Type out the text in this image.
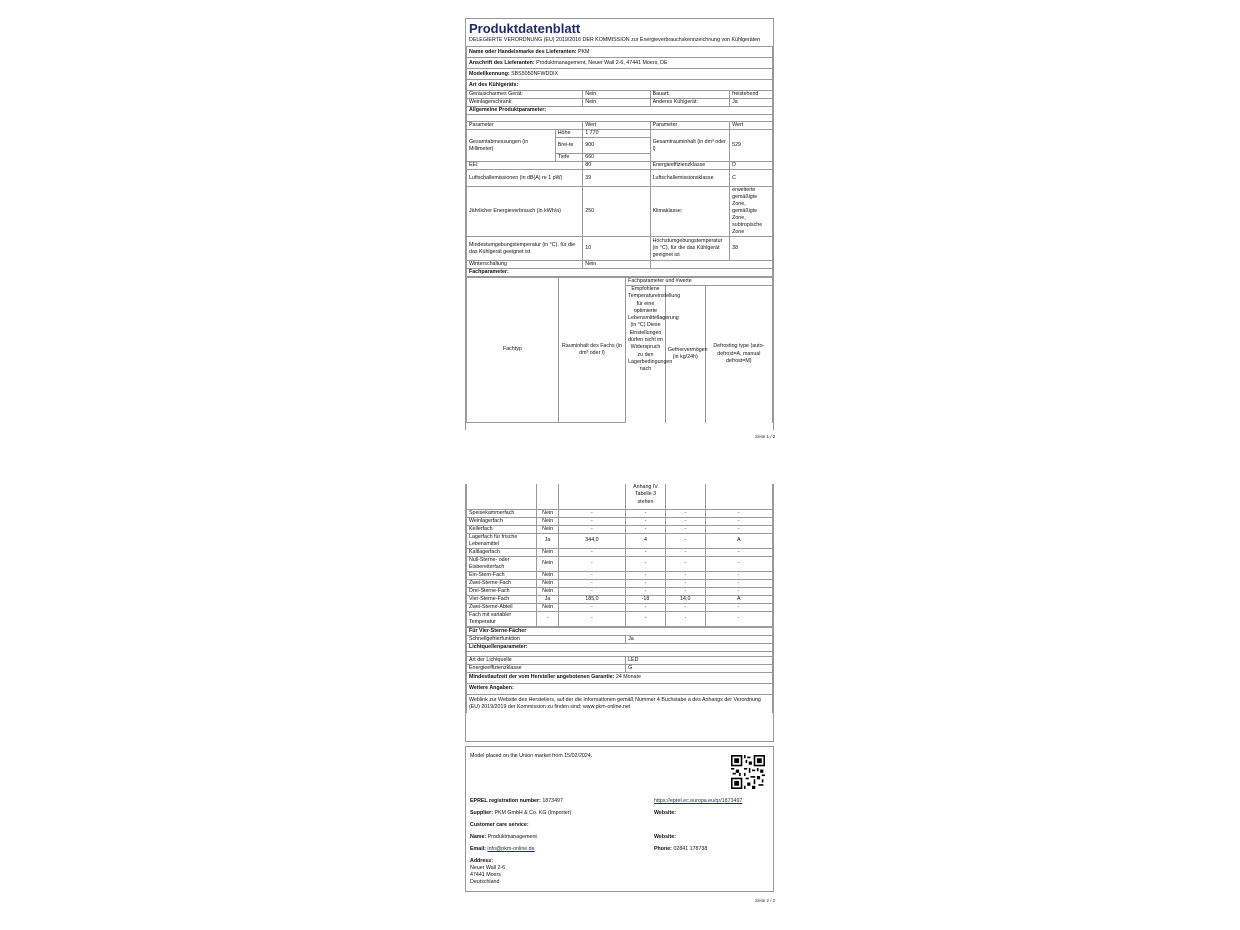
Produktdatenblatt
DELEGIERTE VERORDNUNG (EU) 2019/2016 DER KOMMISSION zur Energieverbrauchskennzeichnung von Kühlgeräten
Name oder Handelsmarke des Lieferanten: PKM				
Anschrift des Lieferanten: Produktmanagement, Neuer Wall 2-6, 47441 Moers, DE				
Modellkennung: SBS5050NFWDDIX				
Art des Kühlgeräts:				
Geräuscharmes Gerät:		Nein	Bauart:	freistehend
Weinlagerschrank:		Nein	Anderes Kühlgerät:	Ja
Allgemeine Produktparameter:				

Parameter		Wert	Parameter	Wert
Gesamtabmessungen (in Millimeter)	Höhe	1 770	Gesamtrauminhalt (in dm³ oder l)	529
	Brei-te	900		
	Tiefe	660		
EEI		80	Energieeffizienzklasse	D
Luftschallemissionen (in dB(A) re 1 pW)		39	Luftschallemissionsklasse	C
Jährlicher Energieverbrauch (in kWh/a)		250	Klimaklasse:	erweiterte gemäßigte Zone, gemäßigte Zone, subtropische Zone
Mindestumgebungstemperatur (in °C), für die das Kühlgerät geeignet ist		10	Höchstumgebungstemperatur (in °C), für die das Kühlgerät geeignet ist	38
Winterschaltung		Nein		
Fachparameter:				
Fachtyp	Rauminhalt des Fachs (in dm³ oder l)	Fachparameter und #werte		
		Empfohlene Temperatureinstellung für eine optimierte Lebensmittellagerung (in °C) Diese Einstellungen dürfen nicht im Widerspruch zu den Lagerbedingungen nach	Gefriervermögen (in kg/24h)	Defrosting type (auto-defrost=A, manual defrost=M)
Seite 1 / 2
			Anhang IV Tabelle 3 stehen		
Speisekammerfach	Nein	-	-	-	-
Weinlagerfach	Nein	-	-	-	-
Kellerfach	Nein	-	-	-	-
Lagerfach für frische Lebensmittel	Ja	344,0	4	-	A
Kaltlagerfach	Nein	-	-	-	-
Null-Sterne- oder Eisbereiterfach	Nein	-	-	-	-
Ein-Stern-Fach	Nein	-	-	-	-
Zwei-Sterne-Fach	Nein	-	-	-	-
Drei-Sterne-Fach	Nein	-	-	-	-
Vier-Sterne-Fach	Ja	185,0	-18	14,0	A
Zwei-Sterne-Abteil	Nein	-	-	-	-
Fach mit variabler Temperatur	-	-	-	-	-
Für Vier-Sterne-Fächer	
Schnellgefrierfunktion	Ja
Lichtquellenparameter:	

Art der Lichtquelle	LED
Energieeffizienzklasse	G
Mindestlaufzeit der vom Hersteller angebotenen Garantie: 24 Monate	
Weitere Angaben:	
Weblink zur Website des Herstellers, auf der die Informationen gemäß Nummer 4 Buchstabe a des Anhangs der Verordnung (EU) 2019/2019 der Kommission zu finden sind: www.pkm-online.net	
Model placed on the Union market from 15/02/2024.
EPREL registration number: 1873497	https://eprel.ec.europa.eu/qr/1873497
Supplier: PKM GmbH & Co. KG (Importer)	Website:
Customer care service:
Name: Produktmanagement	Website:
Email: info@pkm-online.de	Phone: 02841 178738
Address:
Neuer Wall 2-6
47441 Moers
Deutschland
Seite 2 / 2
